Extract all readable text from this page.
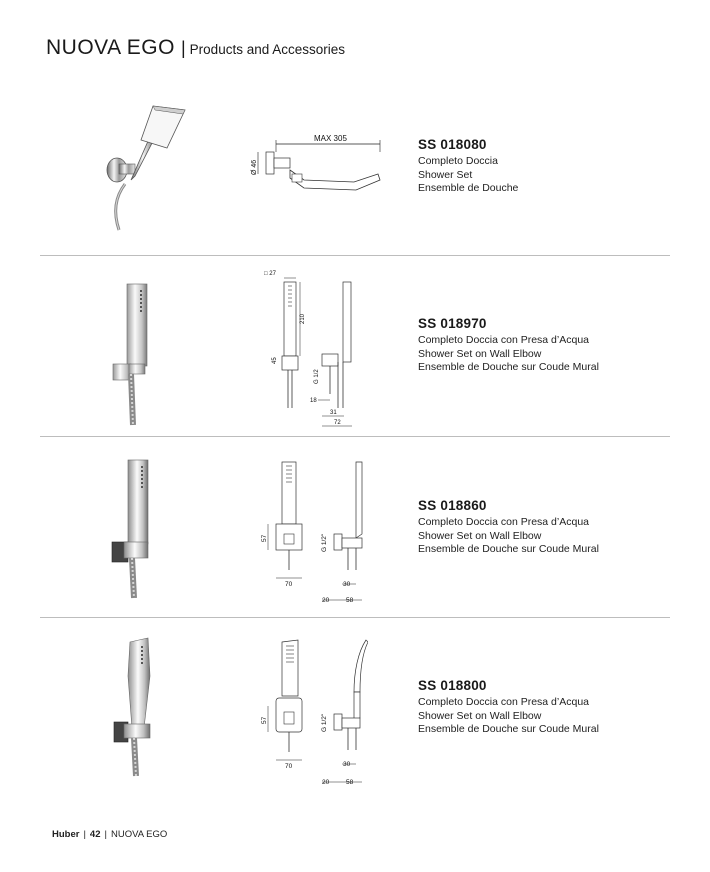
NUOVA EGO | Products and Accessories
MAX 305
Ø 46
SS 018080
Completo Doccia
Shower Set
Ensemble de Douche
□ 27
210
45
G 1/2
18
31
72
SS 018970
Completo Doccia con Presa d’Acqua
Shower Set on Wall Elbow
Ensemble de Douche sur Coude Mural
57
70
G 1/2"
30
20	58
SS 018860
Completo Doccia con Presa d’Acqua
Shower Set on Wall Elbow
Ensemble de Douche sur Coude Mural
57
70
G 1/2"
30
20	58
SS 018800
Completo Doccia con Presa d’Acqua
Shower Set on Wall Elbow
Ensemble de Douche sur Coude Mural
Huber | 42 | NUOVA EGO
